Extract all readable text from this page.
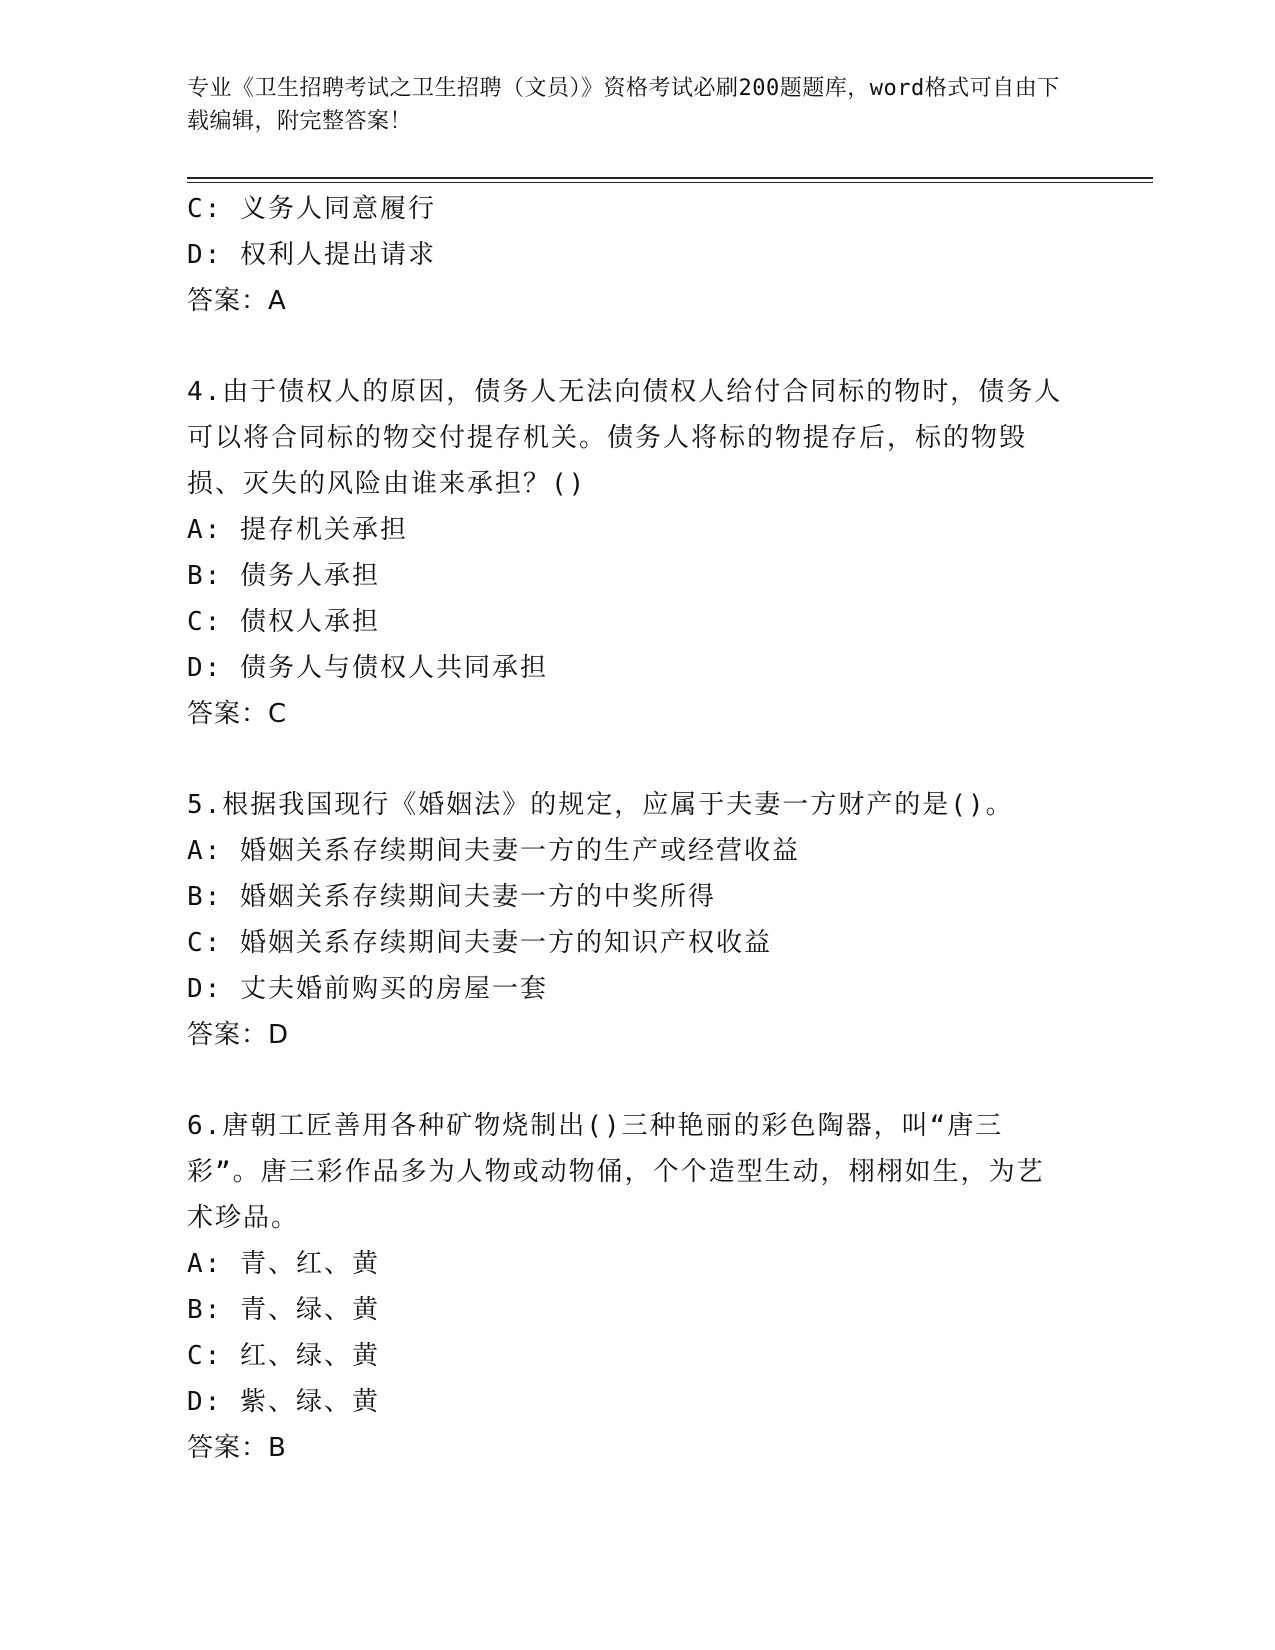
专业《卫生招聘考试之卫生招聘（文员）》资格考试必刷200题题库，word格式可自由下载编辑，附完整答案！
C: 义务人同意履行
D: 权利人提出请求
答案：A
4.由于债权人的原因，债务人无法向债权人给付合同标的物时，债务人可以将合同标的物交付提存机关。债务人将标的物提存后，标的物毁损、灭失的风险由谁来承担？()
A: 提存机关承担
B: 债务人承担
C: 债权人承担
D: 债务人与债权人共同承担
答案：C
5.根据我国现行《婚姻法》的规定，应属于夫妻一方财产的是()。
A: 婚姻关系存续期间夫妻一方的生产或经营收益
B: 婚姻关系存续期间夫妻一方的中奖所得
C: 婚姻关系存续期间夫妻一方的知识产权收益
D: 丈夫婚前购买的房屋一套
答案：D
6.唐朝工匠善用各种矿物烧制出()三种艳丽的彩色陶器，叫“唐三彩”。唐三彩作品多为人物或动物俑，个个造型生动，栩栩如生，为艺术珍品。
A: 青、红、黄
B: 青、绿、黄
C: 红、绿、黄
D: 紫、绿、黄
答案：B
